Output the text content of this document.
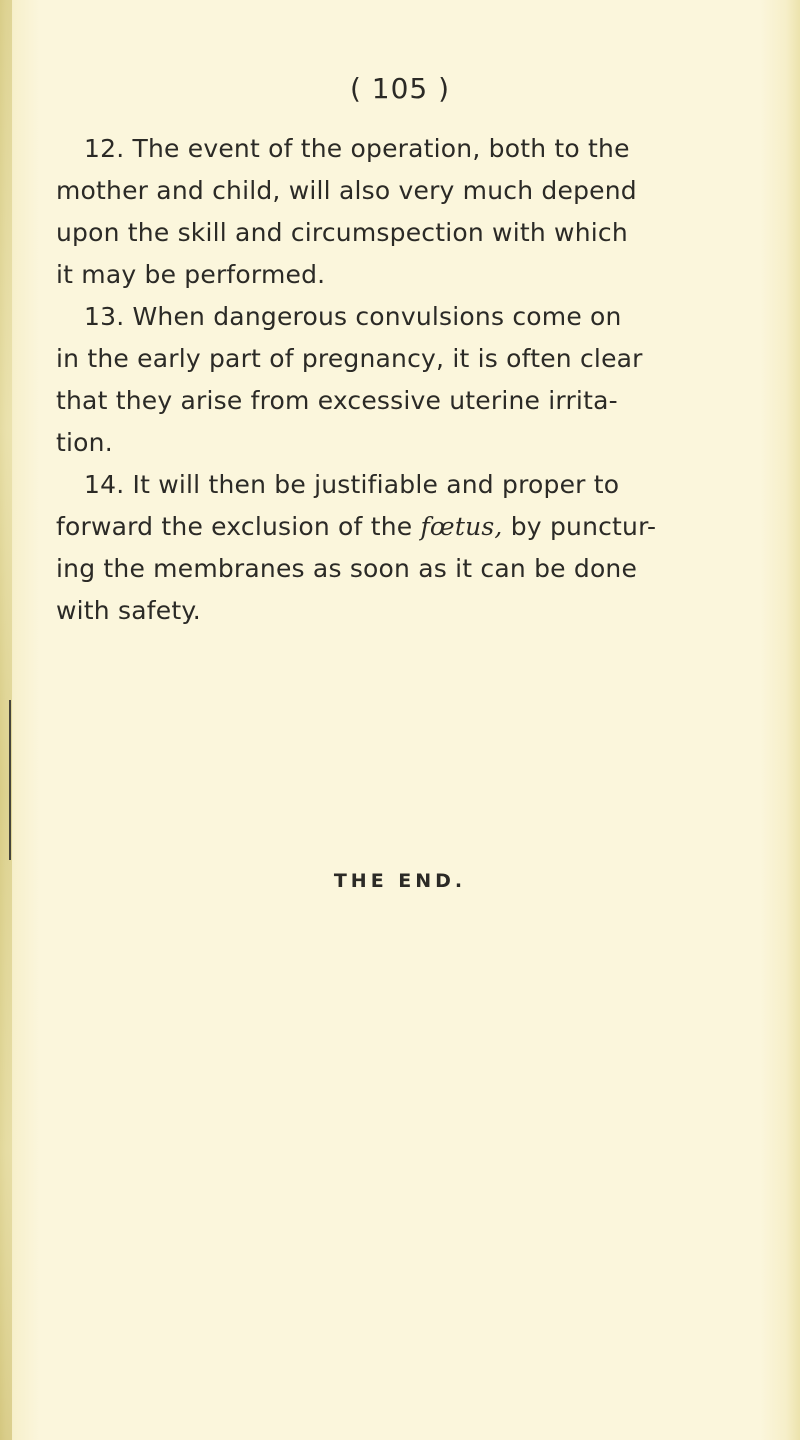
( 105 )

12. The event of the operation, both to the
mother and child, will also very much depend
upon the skill and circumspection with which
it may be performed.

13. When dangerous convulsions come on
in the early part of pregnancy, it is often clear
that they arise from excessive uterine irrita-
tion.

14. It will then be justifiable and proper to
forward the exclusion of the fœtus, by punctur-
ing the membranes as soon as it can be done
with safety.

THE END.
